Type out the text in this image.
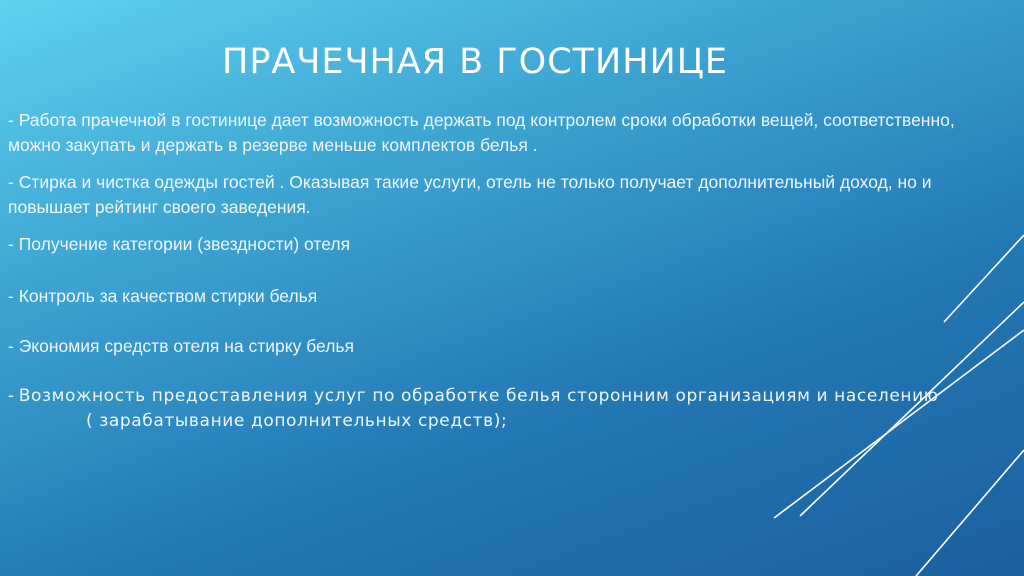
ПРАЧЕЧНАЯ В ГОСТИНИЦЕ

- Работа прачечной в гостинице дает возможность держать под контролем сроки обработки вещей, соответственно, можно закупать и держать в резерве меньше комплектов белья .

- Стирка и чистка одежды гостей . Оказывая такие услуги, отель не только получает дополнительный доход, но и повышает рейтинг своего заведения.

- Получение категории (звездности) отеля

- Контроль за качеством стирки белья

- Экономия средств отеля на стирку белья

- Возможность предоставления услуг по обработке белья сторонним организациям и населению( зарабатывание дополнительных средств);
